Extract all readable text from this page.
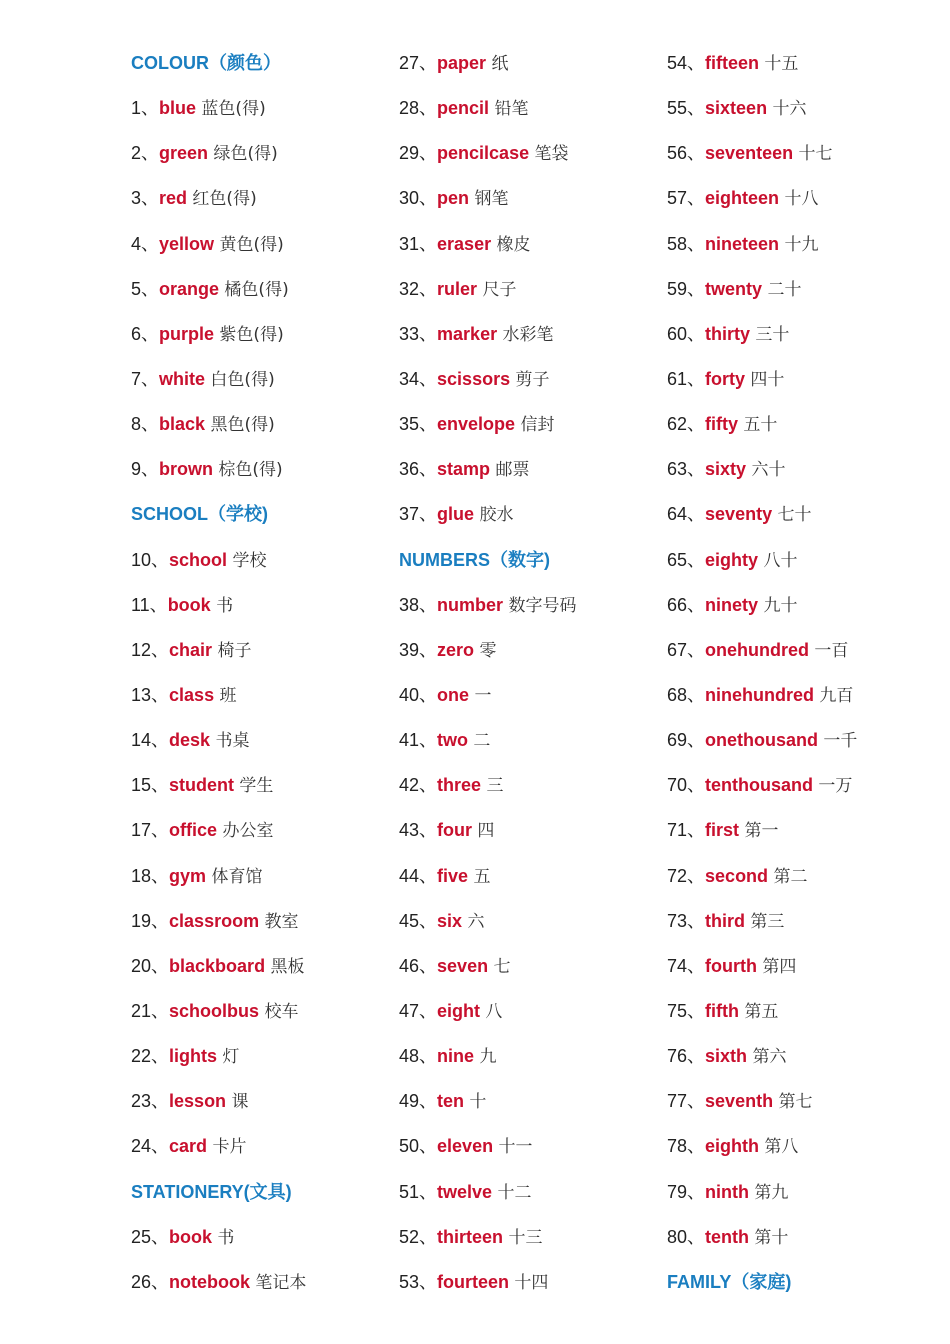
COLOUR（颜色）
1、blue 蓝色(得)
2、green 绿色(得)
3、red 红色(得)
4、yellow 黄色(得)
5、orange 橘色(得)
6、purple 紫色(得)
7、white 白色(得)
8、black 黑色(得)
9、brown 棕色(得)
SCHOOL（学校)
10、school 学校
11、book 书
12、chair 椅子
13、class 班
14、desk 书桌
15、student 学生
17、office 办公室
18、gym 体育馆
19、classroom 教室
20、blackboard 黑板
21、schoolbus 校车
22、lights 灯
23、lesson 课
24、card 卡片
STATIONERY(文具)
25、book 书
26、notebook 笔记本
27、paper 纸
28、pencil 铅笔
29、pencilcase 笔袋
30、pen 钢笔
31、eraser 橡皮
32、ruler 尺子
33、marker 水彩笔
34、scissors 剪子
35、envelope 信封
36、stamp 邮票
37、glue 胶水
NUMBERS（数字)
38、number 数字号码
39、zero 零
40、one 一
41、two 二
42、three 三
43、four 四
44、five 五
45、six 六
46、seven 七
47、eight 八
48、nine 九
49、ten 十
50、eleven 十一
51、twelve 十二
52、thirteen 十三
53、fourteen 十四
54、fifteen 十五
55、sixteen 十六
56、seventeen 十七
57、eighteen 十八
58、nineteen 十九
59、twenty 二十
60、thirty 三十
61、forty 四十
62、fifty 五十
63、sixty 六十
64、seventy 七十
65、eighty 八十
66、ninety 九十
67、onehundred 一百
68、ninehundred 九百
69、onethousand 一千
70、tenthousand 一万
71、first 第一
72、second 第二
73、third 第三
74、fourth 第四
75、fifth 第五
76、sixth 第六
77、seventh 第七
78、eighth 第八
79、ninth 第九
80、tenth 第十
FAMILY（家庭)
